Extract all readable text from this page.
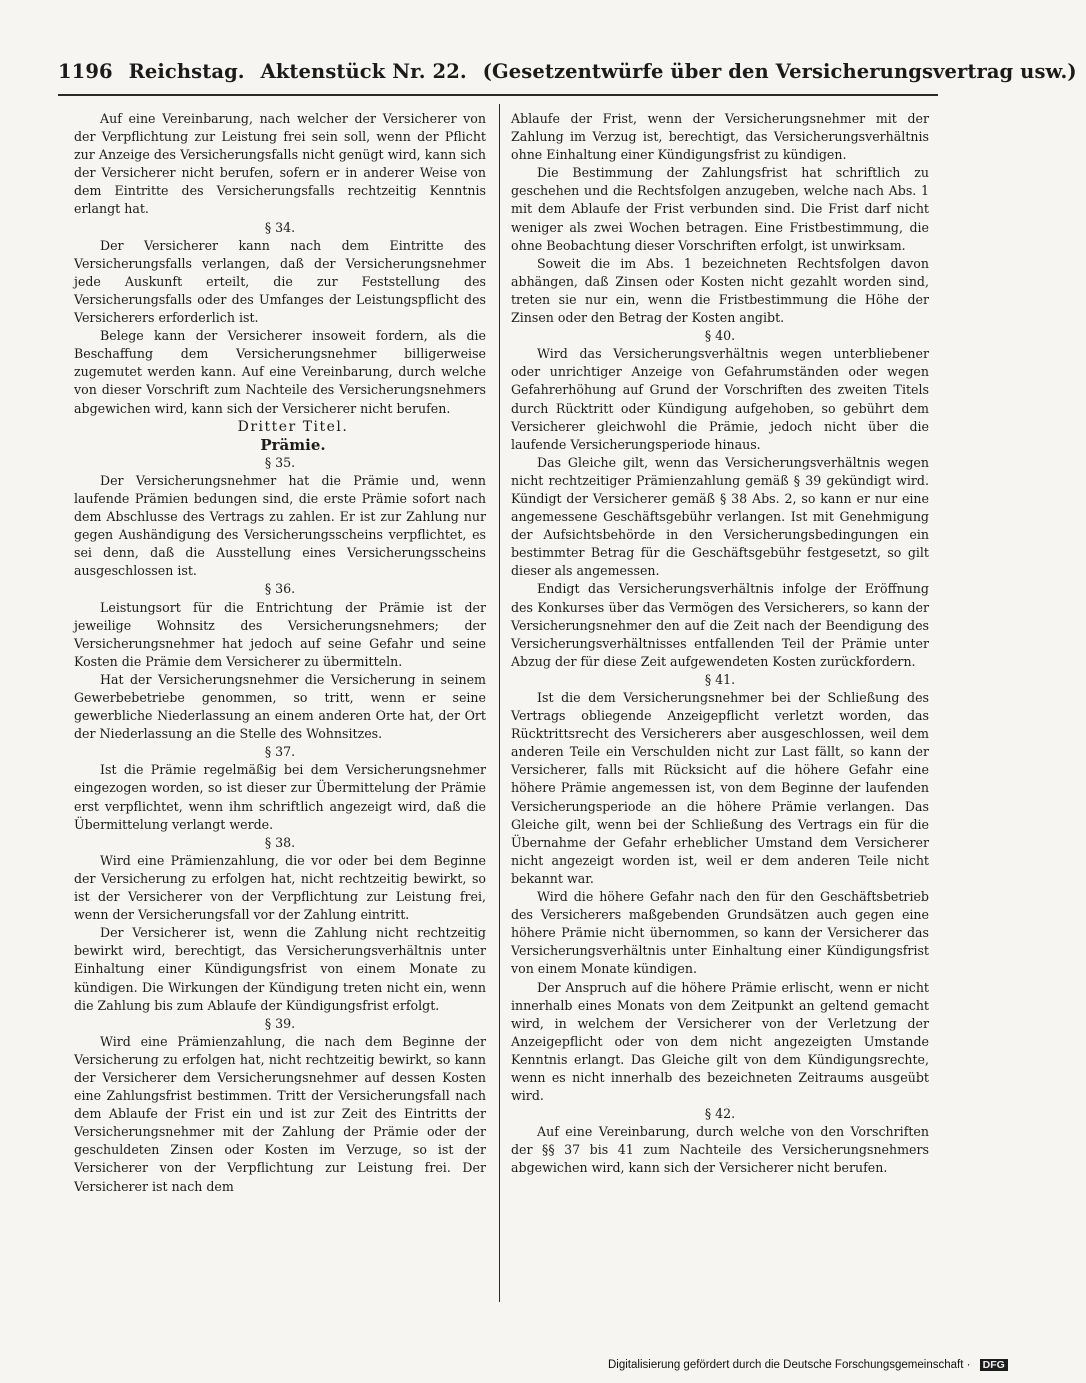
1196 Reichstag. Aktenstück Nr. 22. (Gesetzentwürfe über den Versicherungsvertrag usw.)

Auf eine Vereinbarung, nach welcher der Versicherer von der Verpflichtung zur Leistung frei sein soll, wenn der Pflicht zur Anzeige des Versicherungsfalls nicht genügt wird, kann sich der Versicherer nicht berufen, sofern er in anderer Weise von dem Eintritte des Versicherungsfalls rechtzeitig Kenntnis erlangt hat.

§ 34.

Der Versicherer kann nach dem Eintritte des Versicherungsfalls verlangen, daß der Versicherungsnehmer jede Auskunft erteilt, die zur Feststellung des Versicherungsfalls oder des Umfanges der Leistungspflicht des Versicherers erforderlich ist.

Belege kann der Versicherer insoweit fordern, als die Beschaffung dem Versicherungsnehmer billigerweise zugemutet werden kann. Auf eine Vereinbarung, durch welche von dieser Vorschrift zum Nachteile des Versicherungsnehmers abgewichen wird, kann sich der Versicherer nicht berufen.

Dritter Titel.

Prämie.

§ 35.

Der Versicherungsnehmer hat die Prämie und, wenn laufende Prämien bedungen sind, die erste Prämie sofort nach dem Abschlusse des Vertrags zu zahlen. Er ist zur Zahlung nur gegen Aushändigung des Versicherungsscheins verpflichtet, es sei denn, daß die Ausstellung eines Versicherungsscheins ausgeschlossen ist.

§ 36.

Leistungsort für die Entrichtung der Prämie ist der jeweilige Wohnsitz des Versicherungsnehmers; der Versicherungsnehmer hat jedoch auf seine Gefahr und seine Kosten die Prämie dem Versicherer zu übermitteln.

Hat der Versicherungsnehmer die Versicherung in seinem Gewerbebetriebe genommen, so tritt, wenn er seine gewerbliche Niederlassung an einem anderen Orte hat, der Ort der Niederlassung an die Stelle des Wohnsitzes.

§ 37.

Ist die Prämie regelmäßig bei dem Versicherungsnehmer eingezogen worden, so ist dieser zur Übermittelung der Prämie erst verpflichtet, wenn ihm schriftlich angezeigt wird, daß die Übermittelung verlangt werde.

§ 38.

Wird eine Prämienzahlung, die vor oder bei dem Beginne der Versicherung zu erfolgen hat, nicht rechtzeitig bewirkt, so ist der Versicherer von der Verpflichtung zur Leistung frei, wenn der Versicherungsfall vor der Zahlung eintritt.

Der Versicherer ist, wenn die Zahlung nicht rechtzeitig bewirkt wird, berechtigt, das Versicherungsverhältnis unter Einhaltung einer Kündigungsfrist von einem Monate zu kündigen. Die Wirkungen der Kündigung treten nicht ein, wenn die Zahlung bis zum Ablaufe der Kündigungsfrist erfolgt.

§ 39.

Wird eine Prämienzahlung, die nach dem Beginne der Versicherung zu erfolgen hat, nicht rechtzeitig bewirkt, so kann der Versicherer dem Versicherungsnehmer auf dessen Kosten eine Zahlungsfrist bestimmen. Tritt der Versicherungsfall nach dem Ablaufe der Frist ein und ist zur Zeit des Eintritts der Versicherungsnehmer mit der Zahlung der Prämie oder der geschuldeten Zinsen oder Kosten im Verzuge, so ist der Versicherer von der Verpflichtung zur Leistung frei. Der Versicherer ist nach dem

Ablaufe der Frist, wenn der Versicherungsnehmer mit der Zahlung im Verzug ist, berechtigt, das Versicherungsverhältnis ohne Einhaltung einer Kündigungsfrist zu kündigen.

Die Bestimmung der Zahlungsfrist hat schriftlich zu geschehen und die Rechtsfolgen anzugeben, welche nach Abs. 1 mit dem Ablaufe der Frist verbunden sind. Die Frist darf nicht weniger als zwei Wochen betragen. Eine Fristbestimmung, die ohne Beobachtung dieser Vorschriften erfolgt, ist unwirksam.

Soweit die im Abs. 1 bezeichneten Rechtsfolgen davon abhängen, daß Zinsen oder Kosten nicht gezahlt worden sind, treten sie nur ein, wenn die Fristbestimmung die Höhe der Zinsen oder den Betrag der Kosten angibt.

§ 40.

Wird das Versicherungsverhältnis wegen unterbliebener oder unrichtiger Anzeige von Gefahrumständen oder wegen Gefahrerhöhung auf Grund der Vorschriften des zweiten Titels durch Rücktritt oder Kündigung aufgehoben, so gebührt dem Versicherer gleichwohl die Prämie, jedoch nicht über die laufende Versicherungsperiode hinaus.

Das Gleiche gilt, wenn das Versicherungsverhältnis wegen nicht rechtzeitiger Prämienzahlung gemäß § 39 gekündigt wird. Kündigt der Versicherer gemäß § 38 Abs. 2, so kann er nur eine angemessene Geschäftsgebühr verlangen. Ist mit Genehmigung der Aufsichtsbehörde in den Versicherungsbedingungen ein bestimmter Betrag für die Geschäftsgebühr festgesetzt, so gilt dieser als angemessen.

Endigt das Versicherungsverhältnis infolge der Eröffnung des Konkurses über das Vermögen des Versicherers, so kann der Versicherungsnehmer den auf die Zeit nach der Beendigung des Versicherungsverhältnisses entfallenden Teil der Prämie unter Abzug der für diese Zeit aufgewendeten Kosten zurückfordern.

§ 41.

Ist die dem Versicherungsnehmer bei der Schließung des Vertrags obliegende Anzeigepflicht verletzt worden, das Rücktrittsrecht des Versicherers aber ausgeschlossen, weil dem anderen Teile ein Verschulden nicht zur Last fällt, so kann der Versicherer, falls mit Rücksicht auf die höhere Gefahr eine höhere Prämie angemessen ist, von dem Beginne der laufenden Versicherungsperiode an die höhere Prämie verlangen. Das Gleiche gilt, wenn bei der Schließung des Vertrags ein für die Übernahme der Gefahr erheblicher Umstand dem Versicherer nicht angezeigt worden ist, weil er dem anderen Teile nicht bekannt war.

Wird die höhere Gefahr nach den für den Geschäftsbetrieb des Versicherers maßgebenden Grundsätzen auch gegen eine höhere Prämie nicht übernommen, so kann der Versicherer das Versicherungsverhältnis unter Einhaltung einer Kündigungsfrist von einem Monate kündigen.

Der Anspruch auf die höhere Prämie erlischt, wenn er nicht innerhalb eines Monats von dem Zeitpunkt an geltend gemacht wird, in welchem der Versicherer von der Verletzung der Anzeigepflicht oder von dem nicht angezeigten Umstande Kenntnis erlangt. Das Gleiche gilt von dem Kündigungsrechte, wenn es nicht innerhalb des bezeichneten Zeitraums ausgeübt wird.

§ 42.

Auf eine Vereinbarung, durch welche von den Vorschriften der §§ 37 bis 41 zum Nachteile des Versicherungsnehmers abgewichen wird, kann sich der Versicherer nicht berufen.

Digitalisierung gefördert durch die Deutsche Forschungsgemeinschaft · DFG
